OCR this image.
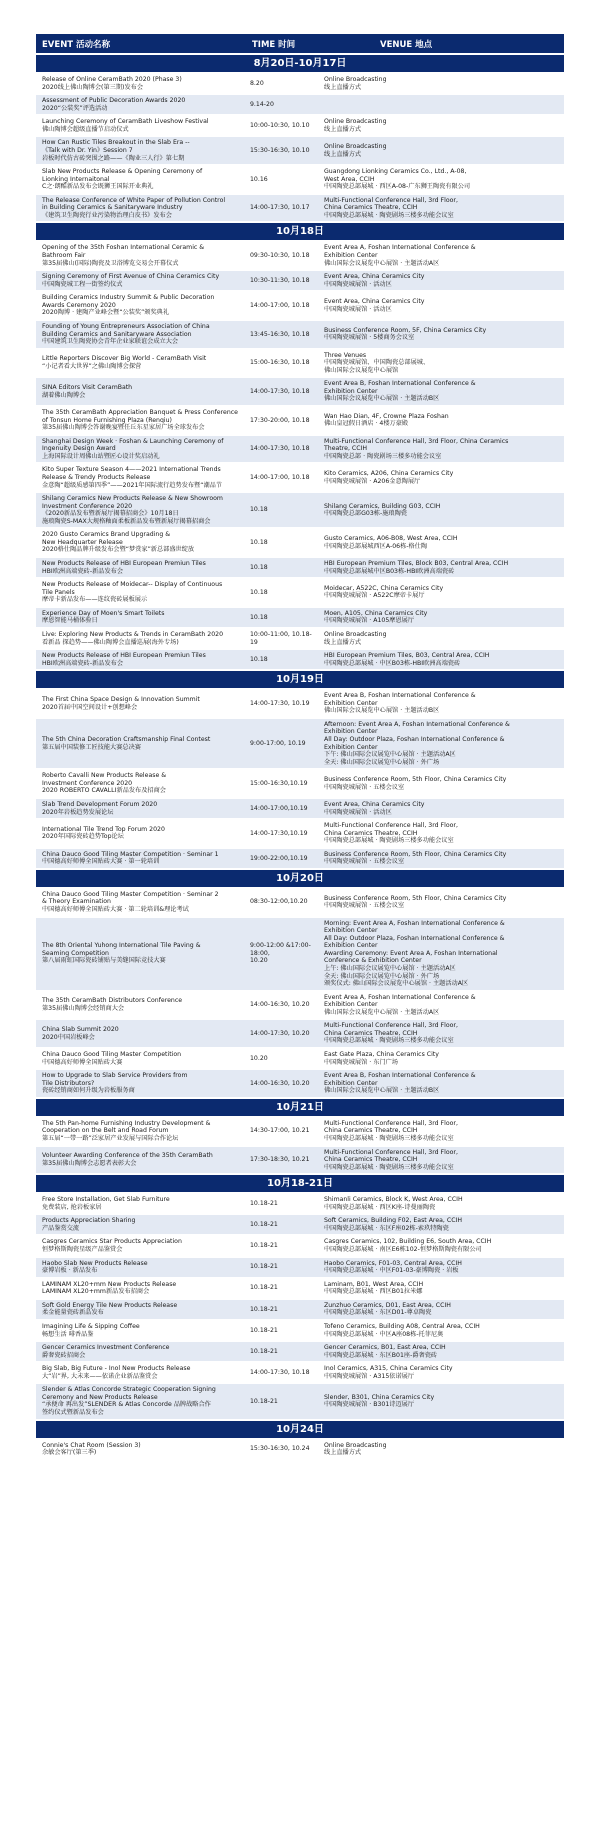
EVENT 活动名称	TIME 时间	VENUE 地点
8月20日-10月17日
Release of Online CeramBath 2020 (Phase 3)
2020线上佛山陶博会(第三期)发布会
8.20
Online Broadcasting
线上直播方式
Assessment of Public Decoration Awards 2020
2020“公装奖”评选活动
9.14-20
Launching Ceremony of CeramBath Liveshow Festival
佛山陶博会超级直播节启动仪式
10:00-10:30, 10.10
Online Broadcasting
线上直播方式
How Can Rustic Tiles Breakout in the Slab Era --
《Talk with Dr. Yin》Session 7
岩板时代仿古砖突围之路——《陶业三人行》第七期
15:30-16:30, 10.10
Online Broadcasting
线上直播方式
Slab New Products Release & Opening Ceremony of
Lionking Internaitonal
C之·朗酷新品发布会既狮王国际开业典礼
10.16
Guangdong Lionking Ceramics Co., Ltd., A-08,
West Area, CCIH
中国陶瓷总部展城 · 西区A-08-广东狮王陶瓷有限公司
The Release Conference of White Paper of Pollution Control
in Building Ceramics & Sanitaryware Industry
《建筑卫生陶瓷行业污染物治理白皮书》发布会
14:00-17:30, 10.17
Multi-Functional Conference Hall, 3rd Floor,
China Ceramics Theatre, CCIH
中国陶瓷总部展城 · 陶瓷剧场三楼多功能会议室
10月18日
Opening of the 35th Foshan International Ceramic &
Bathroom Fair
第35届佛山(国际)陶瓷及卫浴博览交易会开幕仪式
09:30-10:30, 10.18
Event Area A, Foshan International Conference &
Exhibition Center
佛山国际会议展览中心展馆 · 主题活动A区
Signing Ceremony of First Avenue of China Ceramics City
中国陶瓷城工程一街签约仪式
10:30-11:30, 10.18
Event Area, China Ceramics City
中国陶瓷城展馆 · 活动区
Building Ceramics Industry Summit & Public Decoration
Awards Ceremony 2020
2020陶博 · 建陶产业峰会暨“公装奖”颁奖典礼
14:00-17:00, 10.18
Event Area, China Ceramics City
中国陶瓷城展馆 · 活动区
Founding of Young Entrepreneurs Association of China
Building Ceramics and Sanitaryware Association
中国建筑卫生陶瓷协会青年企业家联谊会成立大会
13:45-16:30, 10.18
Business Conference Room, 5F, China Ceramics City
中国陶瓷城展馆 · 5楼商务会议室
Little Reporters Discover Big World - CeramBath Visit
“小记者看大世界”之佛山陶博会探营
15:00-16:30, 10.18
Three Venues
中国陶瓷城展馆、中国陶瓷总部展城、
佛山国际会议展览中心展馆
SINA Editors Visit CeramBath
湖着佛山陶博会
14:00-17:30, 10.18
Event Area B, Foshan International Conference &
Exhibition Center
佛山国际会议展览中心展馆 · 主题活动B区
The 35th CeramBath Appreciation Banquet & Press Conference
of Tonsun Home Furnishing Plaza (Renqiu)
第35届佛山陶博会答谢晚宴暨任丘东星家居广场全球发布会
17:30-20:00, 10.18
Wan Hao Dian, 4F, Crowne Plaza Foshan
佛山皇冠假日酒店 · 4楼万豪殿
Shanghai Design Week · Foshan & Launching Ceremony of
Ingenuity Design Award
上海国际设计周佛山站暨匠心设计奖启动礼
14:00-17:30, 10.18
Multi-Functional Conference Hall, 3rd Floor, China Ceramics
Theatre, CCIH
中国陶瓷总部 · 陶瓷剧场三楼多功能会议室
Kito Super Texture Season 4——2021 International Trends
Release & Trendy Products Release
金意陶“超级质感第四季”——2021年国际流行趋势发布暨“潮品节
14:00-17:00, 10.18
Kito Ceramics, A206, China Ceramics City
中国陶瓷城展馆 · A206金意陶展厅
Shilang Ceramics New Products Release & New Showroom
Investment Conference 2020
《2020新品发布暨新展厅揭幕招商会》10月18日
施琅陶瓷S-MAX大规格釉面柔板新品发布暨新展厅揭幕招商会
10.18
Shilang Ceramics, Building G03, CCIH
中国陶瓷总部G03栋-施琅陶瓷
2020 Gusto Ceramics Brand Upgrading &
New Headquarter Release
2020格仕陶品牌升级发布会暨“梦赏家”新总部盛世绽放
10.18
Gusto Ceramics, A06-B08, West Area, CCIH
中国陶瓷总部展城西区A-06栋-格仕陶
New Products Release of HBI European Premiun Tiles
HBI欧洲高端瓷砖-新品发布会
10.18
HBI European Premium Tiles, Block B03, Central Area, CCIH
中国陶瓷总部展城中区B03栋-HBI欧洲高端瓷砖
New Products Release of Moidecar-- Display of Continuous
Tile Panels
摩帝卡新品发布——连纹瓷砖展板展示
10.18
Moidecar, A522C, China Ceramics City
中国陶瓷城展馆 · A522C摩帝卡展厅
Experience Day of Moen's Smart Toilets
摩恩智能马桶体验日
10.18
Moen, A105, China Ceramics City
中国陶瓷城展馆 · A105摩恩展厅
Live: Exploring New Products & Trends in CeramBath 2020
看新品 探趋势——佛山陶博会直播巡展(海外专场)
10:00-11:00, 10.18-19
Online Broadcasting
线上直播方式
New Products Release of HBI European Premiun Tiles
HBI欧洲高端瓷砖-新品发布会
10.18
HBI European Premium Tiles, B03, Central Area, CCIH
中国陶瓷总部展城 · 中区B03栋-HBI欧洲高端瓷砖
10月19日
The First China Space Design & Innovation Summit
2020首届中国空间设计+创想峰会
14:00-17:30, 10.19
Event Area B, Foshan International Conference &
Exhibition Center
佛山国际会议展览中心展馆 · 主题活动B区
The 5th China Decoration Craftsmanship Final Contest
第五届中国装修工匠技能大赛总决赛
9:00-17:00, 10.19
Afternoon: Event Area A, Foshan International Conference &
Exhibition Center
All Day: Outdoor Plaza, Foshan International Conference &
Exhibition Center
下午: 佛山国际会议展览中心展馆 · 主题活动A区
全天: 佛山国际会议展览中心展馆 · 外广场
Roberto Cavalli New Products Release &
Investment Conference 2020
2020 ROBERTO CAVALLI新品发布及招商会
15:00-16:30,10.19
Business Conference Room, 5th Floor, China Ceramics City
中国陶瓷城展馆 · 五楼会议室
Slab Trend Development Forum 2020
2020年岩板趋势发展论坛
14:00-17:00,10.19
Event Area, China Ceramics City
中国陶瓷城展馆 · 活动区
International Tile Trend Top Forum 2020
2020年国际瓷砖趋势Top论坛
14:00-17:30,10.19
Multi-Functional Conference Hall, 3rd Floor,
China Ceramics Theatre, CCIH
中国陶瓷总部展城 · 陶瓷剧场三楼多功能会议室
China Dauco Good Tiling Master Competition · Seminar 1
中国德高好师傅全国贴砖大赛 · 第一轮培训
19:00-22:00,10.19
Business Conference Room, 5th Floor, China Ceramics City
中国陶瓷城展馆 · 五楼会议室
10月20日
China Dauco Good Tiling Master Competition · Seminar 2
& Theory Examination
中国德高好师傅全国贴砖大赛 · 第二轮培训&理论考试
08:30-12:00,10.20
Business Conference Room, 5th Floor, China Ceramics City
中国陶瓷城展馆 · 五楼会议室
The 8th Oriental Yuhong International Tile Paving &
Seaming Competition
第八届雨虹国际瓷砖铺贴与美缝国际竞技大赛
9:00-12:00 &17:00-18:00,
10.20
Morning: Event Area A, Foshan International Conference &
Exhibition Center
All Day: Outdoor Plaza, Foshan International Conference &
Exhibition Center
Awarding Ceremony: Event Area A, Foshan International
Conference & Exhibition Center
上午: 佛山国际会议展览中心展馆 · 主题活动A区
全天: 佛山国际会议展览中心展馆 · 外广场
颁奖仪式: 佛山国际会议展览中心展馆 · 主题活动A区
The 35th CeramBath Distributors Conference
第35届佛山陶博会经销商大会
14:00-16:30, 10.20
Event Area A, Foshan International Conference &
Exhibition Center
佛山国际会议展览中心展馆 · 主题活动A区
China Slab Summit 2020
2020中国岩板峰会
14:00-17:30, 10.20
Multi-Functional Conference Hall, 3rd Floor,
China Ceramics Theatre, CCIH
中国陶瓷总部展城 · 陶瓷剧场三楼多功能会议室
China Dauco Good Tiling Master Competition
中国德高好师傅全国贴砖大赛
10.20
East Gate Plaza, China Ceramics City
中国陶瓷城展馆 · 东门广场
How to Upgrade to Slab Service Providers from
Tile Distributors?
瓷砖经销商如何升级为岩板服务商
14:00-16:30, 10.20
Event Area B, Foshan International Conference &
Exhibition Center
佛山国际会议展览中心展馆 · 主题活动B区
10月21日
The 5th Pan-home Furnishing Industry Development &
Cooperation on the Belt and Road Forum
第五届“一带一路”泛家居产业发展与国际合作论坛
14:30-17:00, 10.21
Multi-Functional Conference Hall, 3rd Floor,
China Ceramics Theatre, CCIH
中国陶瓷总部展城 · 陶瓷剧场三楼多功能会议室
Volunteer Awarding Conference of the 35th CeramBath
第35届佛山陶博会志愿者表彰大会
17:30-18:30, 10.21
Multi-Functional Conference Hall, 3rd Floor,
China Ceramics Theatre, CCIH
中国陶瓷总部展城 · 陶瓷剧场三楼多功能会议室
10月18-21日
Free Store Installation, Get Slab Furniture
免费装店, 抢岩板家居
10.18-21
Shimanli Ceramics, Block K, West Area, CCIH
中国陶瓷总部展城 · 西区K座-诗曼丽陶瓷
Products Appreciation Sharing
产品鉴赏交流
10.18-21
Soft Ceramics, Building F02, East Area, CCIH
中国陶瓷总部展城 · 东区F座02栋-索玖特陶瓷
Casgres Ceramics Star Products Appreciation
恒梦格斯陶瓷星级产品鉴赏会
10.18-21
Casgres Ceramics, 102, Building E6, South Area, CCIH
中国陶瓷总部展城 · 南区E6栋102-恒梦格斯陶瓷有限公司
Haobo Slab New Products Release
豪博岩板 · 新品发布
10.18-21
Haobo Ceramics, F01-03, Central Area, CCIH
中国陶瓷总部展城 · 中区F01-03-豪博陶瓷 · 岩板
LAMINAM XL20+mm New Products Release
LAMINAM XL20+mm新品发布招商会
10.18-21
Laminam, B01, West Area, CCIH
中国陶瓷总部展城 · 西区B01拉米娜
Soft Gold Energy Tile New Products Release
柔金能量瓷砖新品发布
10.18-21
Zunzhuo Ceramics, D01, East Area, CCIH
中国陶瓷总部展城 · 东区D01-尊卓陶瓷
Imagining Life & Sipping Coffee
畅想生活 啡香品鉴
10.18-21
Tofeno Ceramics, Building A08, Central Area, CCIH
中国陶瓷总部展城 · 中区A座08栋-托菲尼奥
Gencer Ceramics Investment Conference
爵奢瓷砖招商会
10.18-21
Gencer Ceramics, B01, East Area, CCIH
中国陶瓷总部展城 · 东区B01座-爵奢瓷砖
Big Slab, Big Future - Inol New Products Release
大“岩”界, 大未来——依诺企业新品鉴赏会
14:00-17:30, 10.18
Inol Ceramics, A315, China Ceramics City
中国陶瓷城展馆 · A315依诺展厅
Slender & Atlas Concorde Strategic Cooperation Signing
Ceremony and New Products Release
“承便命 再出发”SLENDER & Atlas Concorde 品牌战略合作
签约仪式暨新品发布会
10.18-21
Slender, B301, China Ceramics City
中国陶瓷城展馆 · B301诗迈展厅
10月24日
Connie's Chat Room (Session 3)
余敏会客厅(第三季)
15:30-16:30, 10.24
Online Broadcasting
线上直播方式
